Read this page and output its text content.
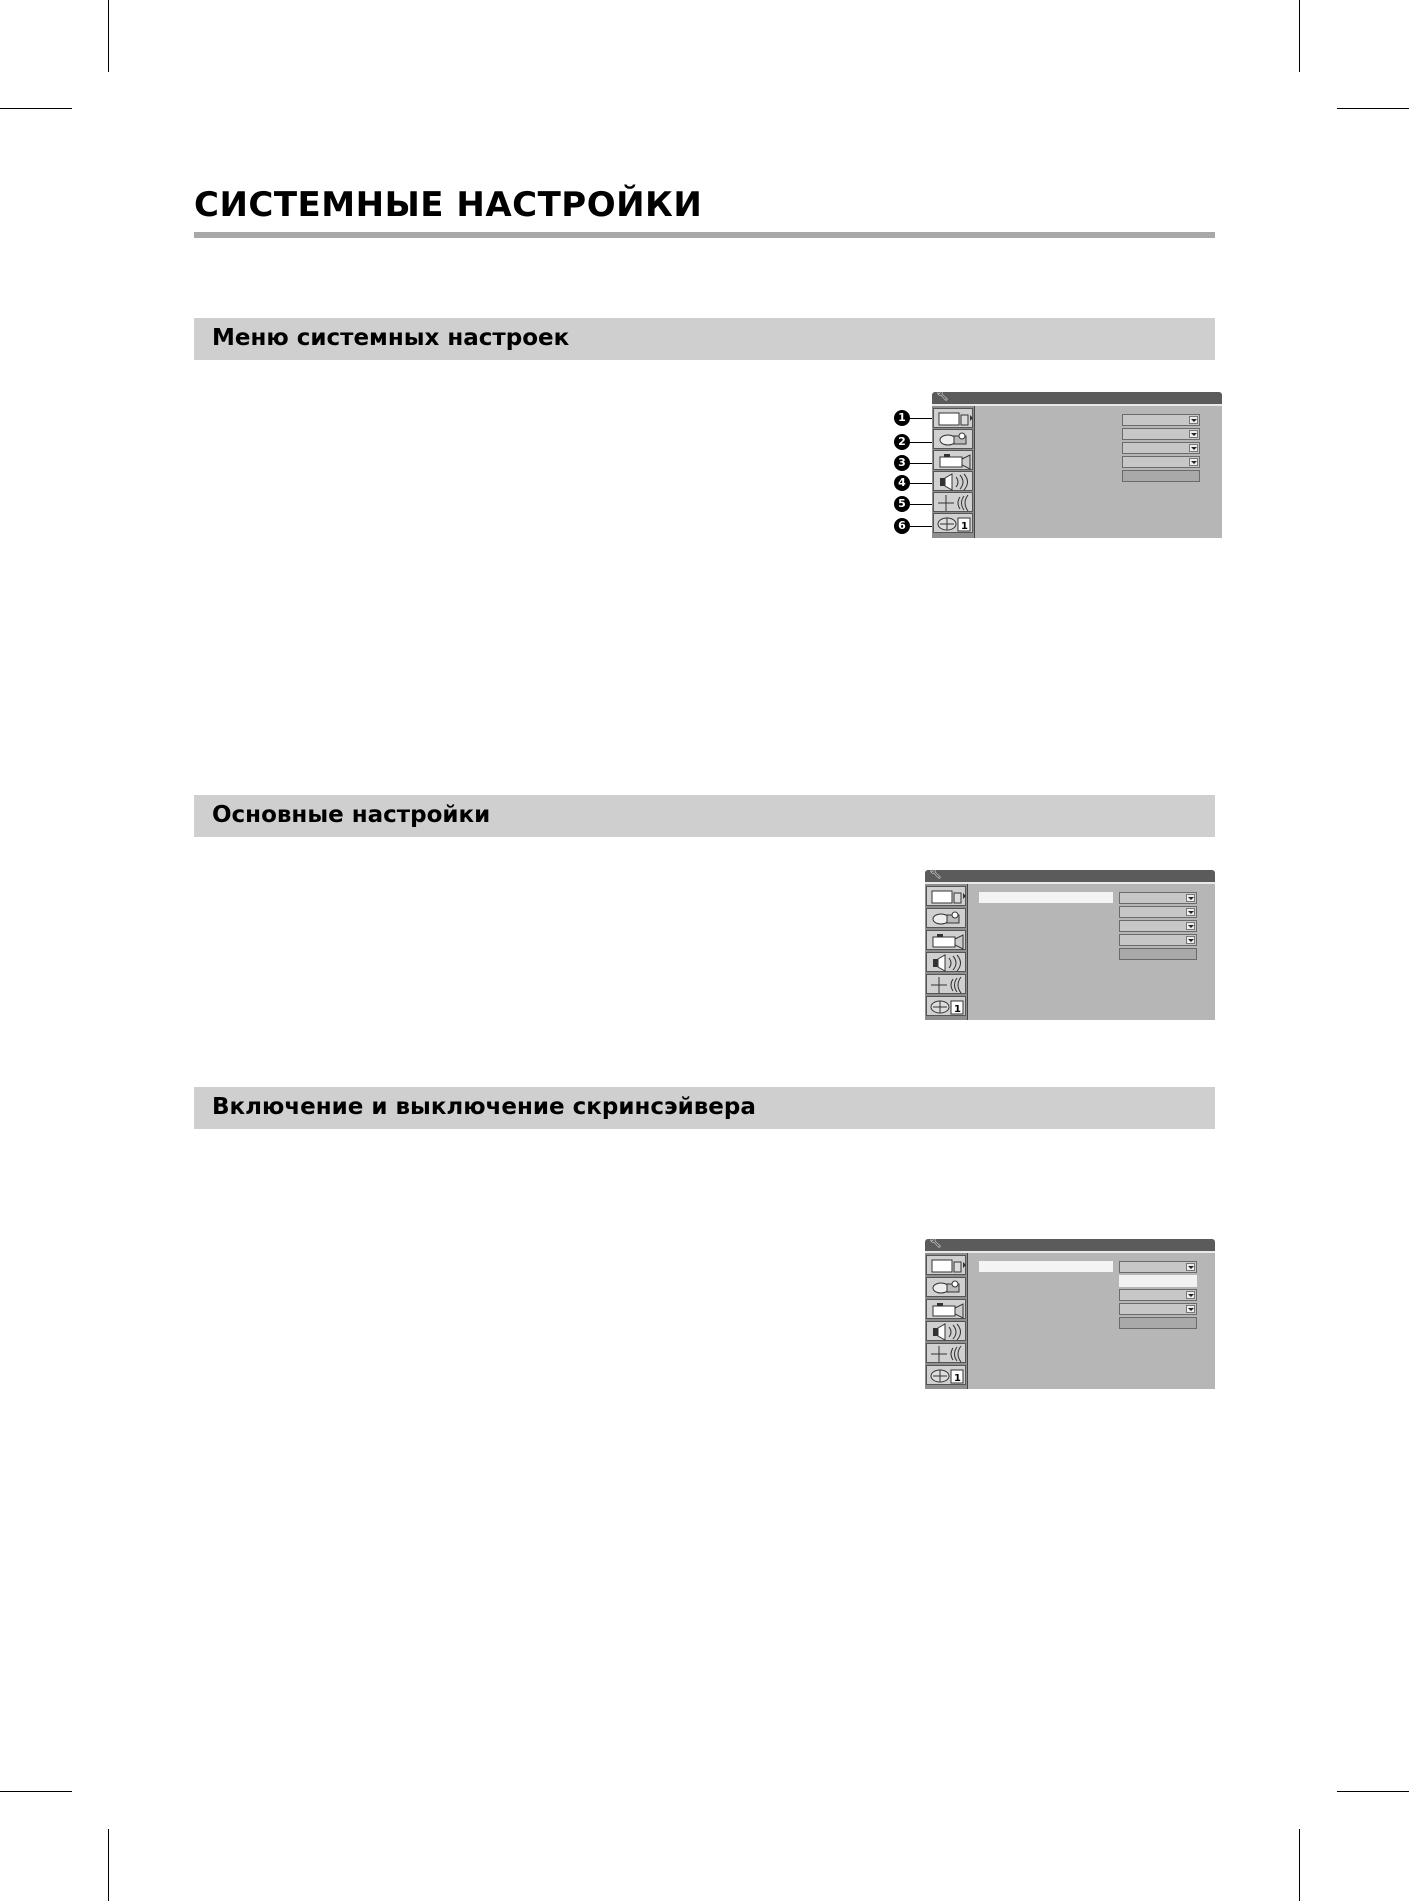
СИСТЕМНЫЕ НАСТРОЙКИ
Меню системных настроек
1
2
3
4
5
6
🔧︎
1
Основные настройки
🔧︎
1
Включение и выключение скринсэйвера
🔧︎
1
